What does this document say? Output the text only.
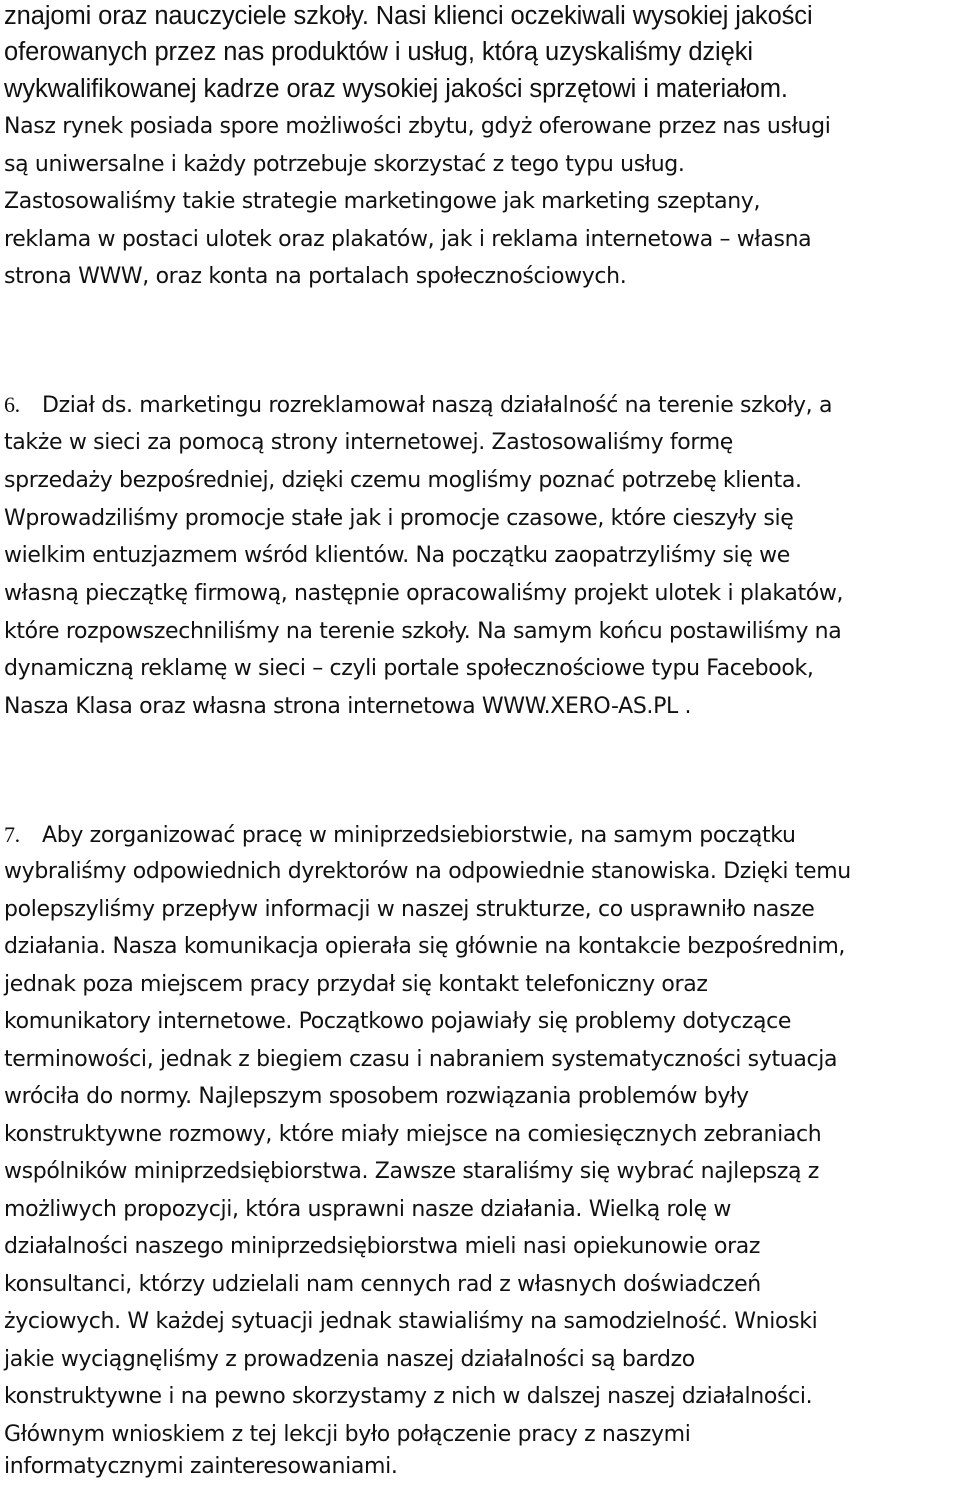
znajomi oraz nauczyciele szkoły. Nasi klienci oczekiwali wysokiej jakości
oferowanych przez nas produktów i usług, którą uzyskaliśmy dzięki
wykwalifikowanej kadrze oraz wysokiej jakości sprzętowi i materiałom.
Nasz rynek posiada spore możliwości zbytu, gdyż oferowane przez nas usługi
są uniwersalne i każdy potrzebuje skorzystać z tego typu usług.
Zastosowaliśmy takie strategie marketingowe jak marketing szeptany,
reklama w postaci ulotek oraz plakatów, jak i reklama internetowa – własna
strona WWW, oraz konta na portalach społecznościowych.
6. Dział ds. marketingu rozreklamował naszą działalność na terenie szkoły, a
także w sieci za pomocą strony internetowej. Zastosowaliśmy formę
sprzedaży bezpośredniej, dzięki czemu mogliśmy poznać potrzebę klienta.
Wprowadziliśmy promocje stałe jak i promocje czasowe, które cieszyły się
wielkim entuzjazmem wśród klientów. Na początku zaopatrzyliśmy się we
własną pieczątkę firmową, następnie opracowaliśmy projekt ulotek i plakatów,
które rozpowszechniliśmy na terenie szkoły. Na samym końcu postawiliśmy na
dynamiczną reklamę w sieci – czyli portale społecznościowe typu Facebook,
Nasza Klasa oraz własna strona internetowa WWW.XERO-AS.PL .
7. Aby zorganizować pracę w miniprzedsiebiorstwie, na samym początku
wybraliśmy odpowiednich dyrektorów na odpowiednie stanowiska. Dzięki temu
polepszyliśmy przepływ informacji w naszej strukturze, co usprawniło nasze
działania. Nasza komunikacja opierała się głównie na kontakcie bezpośrednim,
jednak poza miejscem pracy przydał się kontakt telefoniczny oraz
komunikatory internetowe. Początkowo pojawiały się problemy dotyczące
terminowości, jednak z biegiem czasu i nabraniem systematyczności sytuacja
wróciła do normy. Najlepszym sposobem rozwiązania problemów były
konstruktywne rozmowy, które miały miejsce na comiesięcznych zebraniach
wspólników miniprzedsiębiorstwa. Zawsze staraliśmy się wybrać najlepszą z
możliwych propozycji, która usprawni nasze działania. Wielką rolę w
działalności naszego miniprzedsiębiorstwa mieli nasi opiekunowie oraz
konsultanci, którzy udzielali nam cennych rad z własnych doświadczeń
życiowych. W każdej sytuacji jednak stawialiśmy na samodzielność. Wnioski
jakie wyciągnęliśmy z prowadzenia naszej działalności są bardzo
konstruktywne i na pewno skorzystamy z nich w dalszej naszej działalności.
Głównym wnioskiem z tej lekcji było połączenie pracy z naszymi
informatycznymi zainteresowaniami.
